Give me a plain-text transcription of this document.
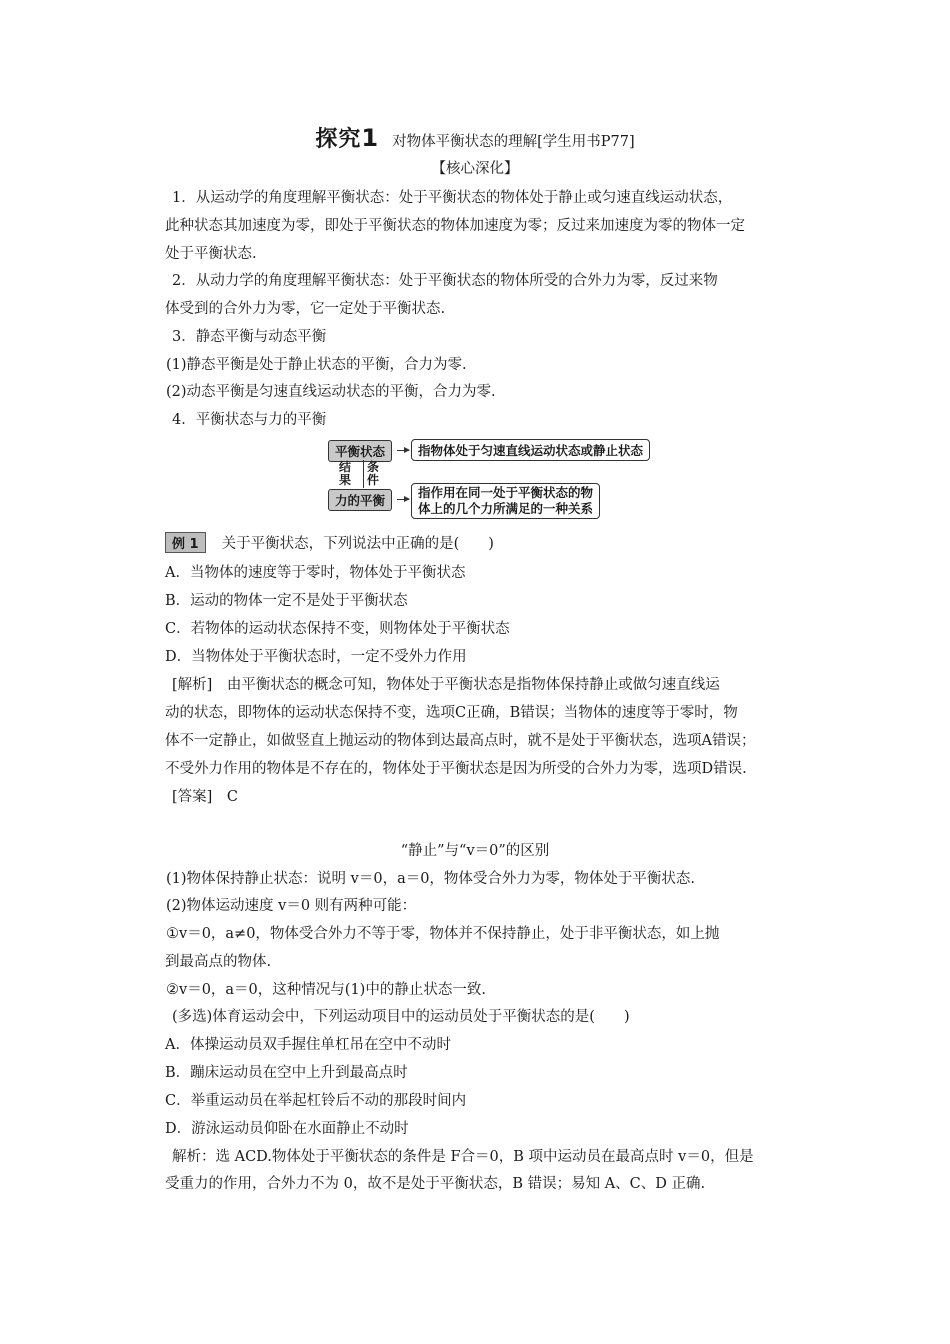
探究1 对物体平衡状态的理解[学生用书P77]
【核心深化】
1．从运动学的角度理解平衡状态：处于平衡状态的物体处于静止或匀速直线运动状态，
此种状态其加速度为零，即处于平衡状态的物体加速度为零；反过来加速度为零的物体一定
处于平衡状态.
2．从动力学的角度理解平衡状态：处于平衡状态的物体所受的合外力为零，反过来物
体受到的合外力为零，它一定处于平衡状态.
3．静态平衡与动态平衡
(1)静态平衡是处于静止状态的平衡，合力为零.
(2)动态平衡是匀速直线运动状态的平衡，合力为零.
4．平衡状态与力的平衡
平衡状态	指物体处于匀速直线运动状态或静止状态
结果
条件
力的平衡
指作用在同一处于平衡状态的物
体上的几个力所满足的一种关系
例 1 关于平衡状态，下列说法中正确的是(　　)
A．当物体的速度等于零时，物体处于平衡状态
B．运动的物体一定不是处于平衡状态
C．若物体的运动状态保持不变，则物体处于平衡状态
D．当物体处于平衡状态时，一定不受外力作用
[解析]　由平衡状态的概念可知，物体处于平衡状态是指物体保持静止或做匀速直线运
动的状态，即物体的运动状态保持不变，选项C正确，B错误；当物体的速度等于零时，物
体不一定静止，如做竖直上抛运动的物体到达最高点时，就不是处于平衡状态，选项A错误；
不受外力作用的物体是不存在的，物体处于平衡状态是因为所受的合外力为零，选项D错误.
[答案]　C
“静止”与“v＝0”的区别
(1)物体保持静止状态：说明 v＝0，a＝0，物体受合外力为零，物体处于平衡状态.
(2)物体运动速度 v＝0 则有两种可能：
①v＝0，a≠0，物体受合外力不等于零，物体并不保持静止，处于非平衡状态，如上抛
到最高点的物体.
②v＝0，a＝0，这种情况与(1)中的静止状态一致.
(多选)体育运动会中，下列运动项目中的运动员处于平衡状态的是(　　)
A．体操运动员双手握住单杠吊在空中不动时
B．蹦床运动员在空中上升到最高点时
C．举重运动员在举起杠铃后不动的那段时间内
D．游泳运动员仰卧在水面静止不动时
解析：选 ACD.物体处于平衡状态的条件是 F合＝0，B 项中运动员在最高点时 v＝0，但是
受重力的作用，合外力不为 0，故不是处于平衡状态，B 错误；易知 A、C、D 正确.
